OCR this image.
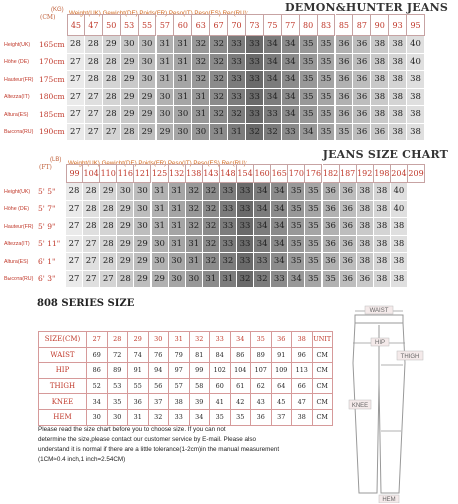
DEMON&HUNTER JEANS
Weight(UK) Gewicht(DE) Poids(FR) Peso(IT) Peso(ES) Rec(RU):
(KG)
(CM)
45 47 50 53 55 57 60 63 67 70 73 75 77 80 83 85 87 90 93 95
Height(UK) 165cm 28 28 29 30 30 31 31 32 32 33 33 34 34 35 35 36 36 38 38 40
Höhe (DE) 170cm 27 28 28 29 30 31 31 32 32 33 33 34 34 35 35 36 36 38 38 40
Hauteur(FR) 175cm 27 28 28 29 30 31 31 32 32 33 33 34 34 35 35 36 36 38 38 38
Altezza(IT) 180cm 27 27 28 29 29 30 31 31 32 33 33 34 34 35 35 36 36 38 38 38
Altura(ES) 185cm 27 27 28 29 29 30 30 31 32 32 33 33 34 35 35 36 36 38 38 38
Высота(RU) 190cm 27 27 27 28 29 29 30 30 31 31 32 32 33 34 35 35 36 36 38 38
JEANS SIZE CHART
Weight(UK) Gewicht(DE) Poids(FR) Peso(IT) Peso(ES) Rec(RU):
(LB)
(FT)
99 104 110 116 121 125 132 138 143 148 154 160 165 170 176 182 187 192 198 204 209
Height(UK) 5' 5"	28 28 29 30 30 31 31 32 32 33 33 34 34 35 35 36 36 38 38 40
Höhe (DE) 5' 7"	27 28 28 29 30 31 31 32 32 33 33 34 34 35 35 36 36 38 38 40
Hauteur(FR) 5' 9"	27 28 28 29 30 31 31 32 32 33 33 34 34 35 35 36 36 38 38 38
Altezza(IT) 5' 11" 27 27 28 29 29 30 31 31 32 33 33 34 34 35 35 36 36 38 38 38
Altura(ES) 6' 1"	27 27 28 29 29 30 30 31 32 32 33 33 34 35 35 36 36 38 38 38
Высота(RU) 6' 3"	27 27 27 28 29 29 30 30 31 31 32 32 33 34 35 35 36 36 38 38
808 SERIES SIZE
SIZE(CM)	27	28	29	30	31	32	33	34	35	36	38	UNIT
WAIST	69	72	74	76	79	81	84	86	89	91	96	CM
HIP	86	89	91	94	97	99	102	104	107	109	113	CM
THIGH	52	53	55	56	57	58	60	61	62	64	66	CM
KNEE	34	35	36	37	38	39	41	42	43	45	47	CM
HEM	30	30	31	32	33	34	35	35	36	37	38	CM
Please read the size chart before you to choose size. If you can not
determine the size,please contact our customer service by E-mail. Please also
understand it is normal if there are a little tolerance(1-2cm)in the manual measurement
(1CM≈0.4 inch,1 inch=2.54CM)
WAIST
HIP
THIGH
KNEE
HEM
